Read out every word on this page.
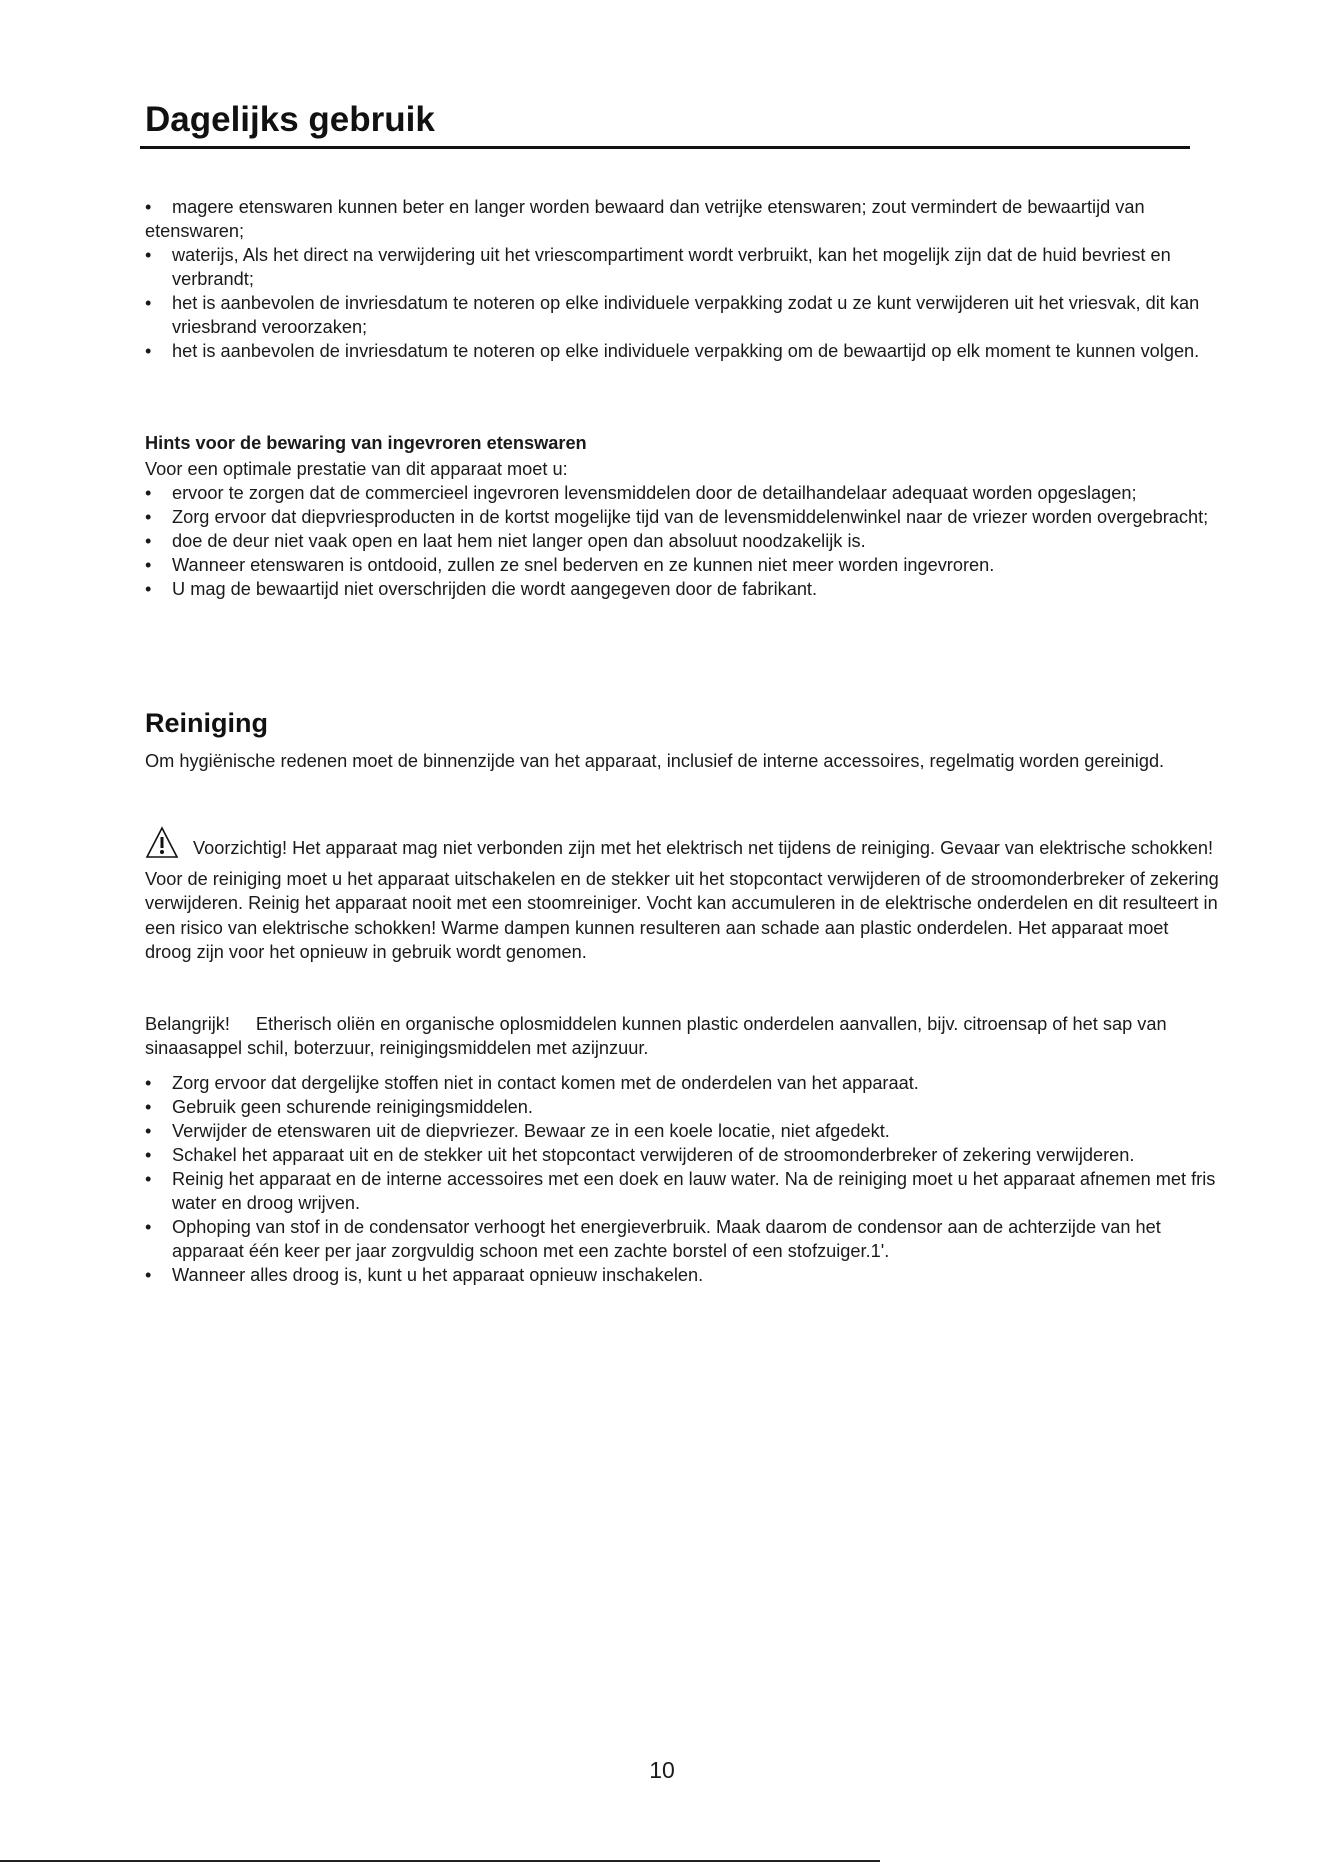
Dagelijks gebruik
• magere etenswaren kunnen beter en langer worden bewaard dan vetrijke etenswaren; zout vermindert de bewaartijd van etenswaren;
• waterijs, Als het direct na verwijdering uit het vriescompartiment wordt verbruikt, kan het mogelijk zijn dat de huid bevriest en verbrandt;
• het is aanbevolen de invriesdatum te noteren op elke individuele verpakking zodat u ze kunt verwijderen uit het vriesvak, dit kan vriesbrand veroorzaken;
• het is aanbevolen de invriesdatum te noteren op elke individuele verpakking om de bewaartijd op elk moment te kunnen volgen.

Hints voor de bewaring van ingevroren etenswaren

Voor een optimale prestatie van dit apparaat moet u:
• ervoor te zorgen dat de commercieel ingevroren levensmiddelen door de detailhandelaar adequaat worden opgeslagen;
• Zorg ervoor dat diepvriesproducten in de kortst mogelijke tijd van de levensmiddelenwinkel naar de vriezer worden overgebracht;
• doe de deur niet vaak open en laat hem niet langer open dan absoluut noodzakelijk is.
• Wanneer etenswaren is ontdooid, zullen ze snel bederven en ze kunnen niet meer worden ingevroren.
• U mag de bewaartijd niet overschrijden die wordt aangegeven door de fabrikant.
Reiniging
Om hygiënische redenen moet de binnenzijde van het apparaat, inclusief de interne accessoires, regelmatig worden gereinigd.
Voorzichtig! Het apparaat mag niet verbonden zijn met het elektrisch net tijdens de reiniging. Gevaar van elektrische schokken! Voor de reiniging moet u het apparaat uitschakelen en de stekker uit het stopcontact verwijderen of de stroomonderbreker of zekering verwijderen. Reinig het apparaat nooit met een stoomreiniger. Vocht kan accumuleren in de elektrische onderdelen en dit resulteert in een risico van elektrische schokken! Warme dampen kunnen resulteren aan schade aan plastic onderdelen. Het apparaat moet droog zijn voor het opnieuw in gebruik wordt genomen.
Belangrijk! Etherisch oliën en organische oplosmiddelen kunnen plastic onderdelen aanvallen, bijv. citroensap of het sap van sinaasappel schil, boterzuur, reinigingsmiddelen met azijnzuur.
• Zorg ervoor dat dergelijke stoffen niet in contact komen met de onderdelen van het apparaat.
• Gebruik geen schurende reinigingsmiddelen.
• Verwijder de etenswaren uit de diepvriezer. Bewaar ze in een koele locatie, niet afgedekt.
• Schakel het apparaat uit en de stekker uit het stopcontact verwijderen of de stroomonderbreker of zekering verwijderen.
• Reinig het apparaat en de interne accessoires met een doek en lauw water. Na de reiniging moet u het apparaat afnemen met fris water en droog wrijven.
• Ophoping van stof in de condensator verhoogt het energieverbruik. Maak daarom de condensor aan de achterzijde van het apparaat één keer per jaar zorgvuldig schoon met een zachte borstel of een stofzuiger.1'.
• Wanneer alles droog is, kunt u het apparaat opnieuw inschakelen.
10
